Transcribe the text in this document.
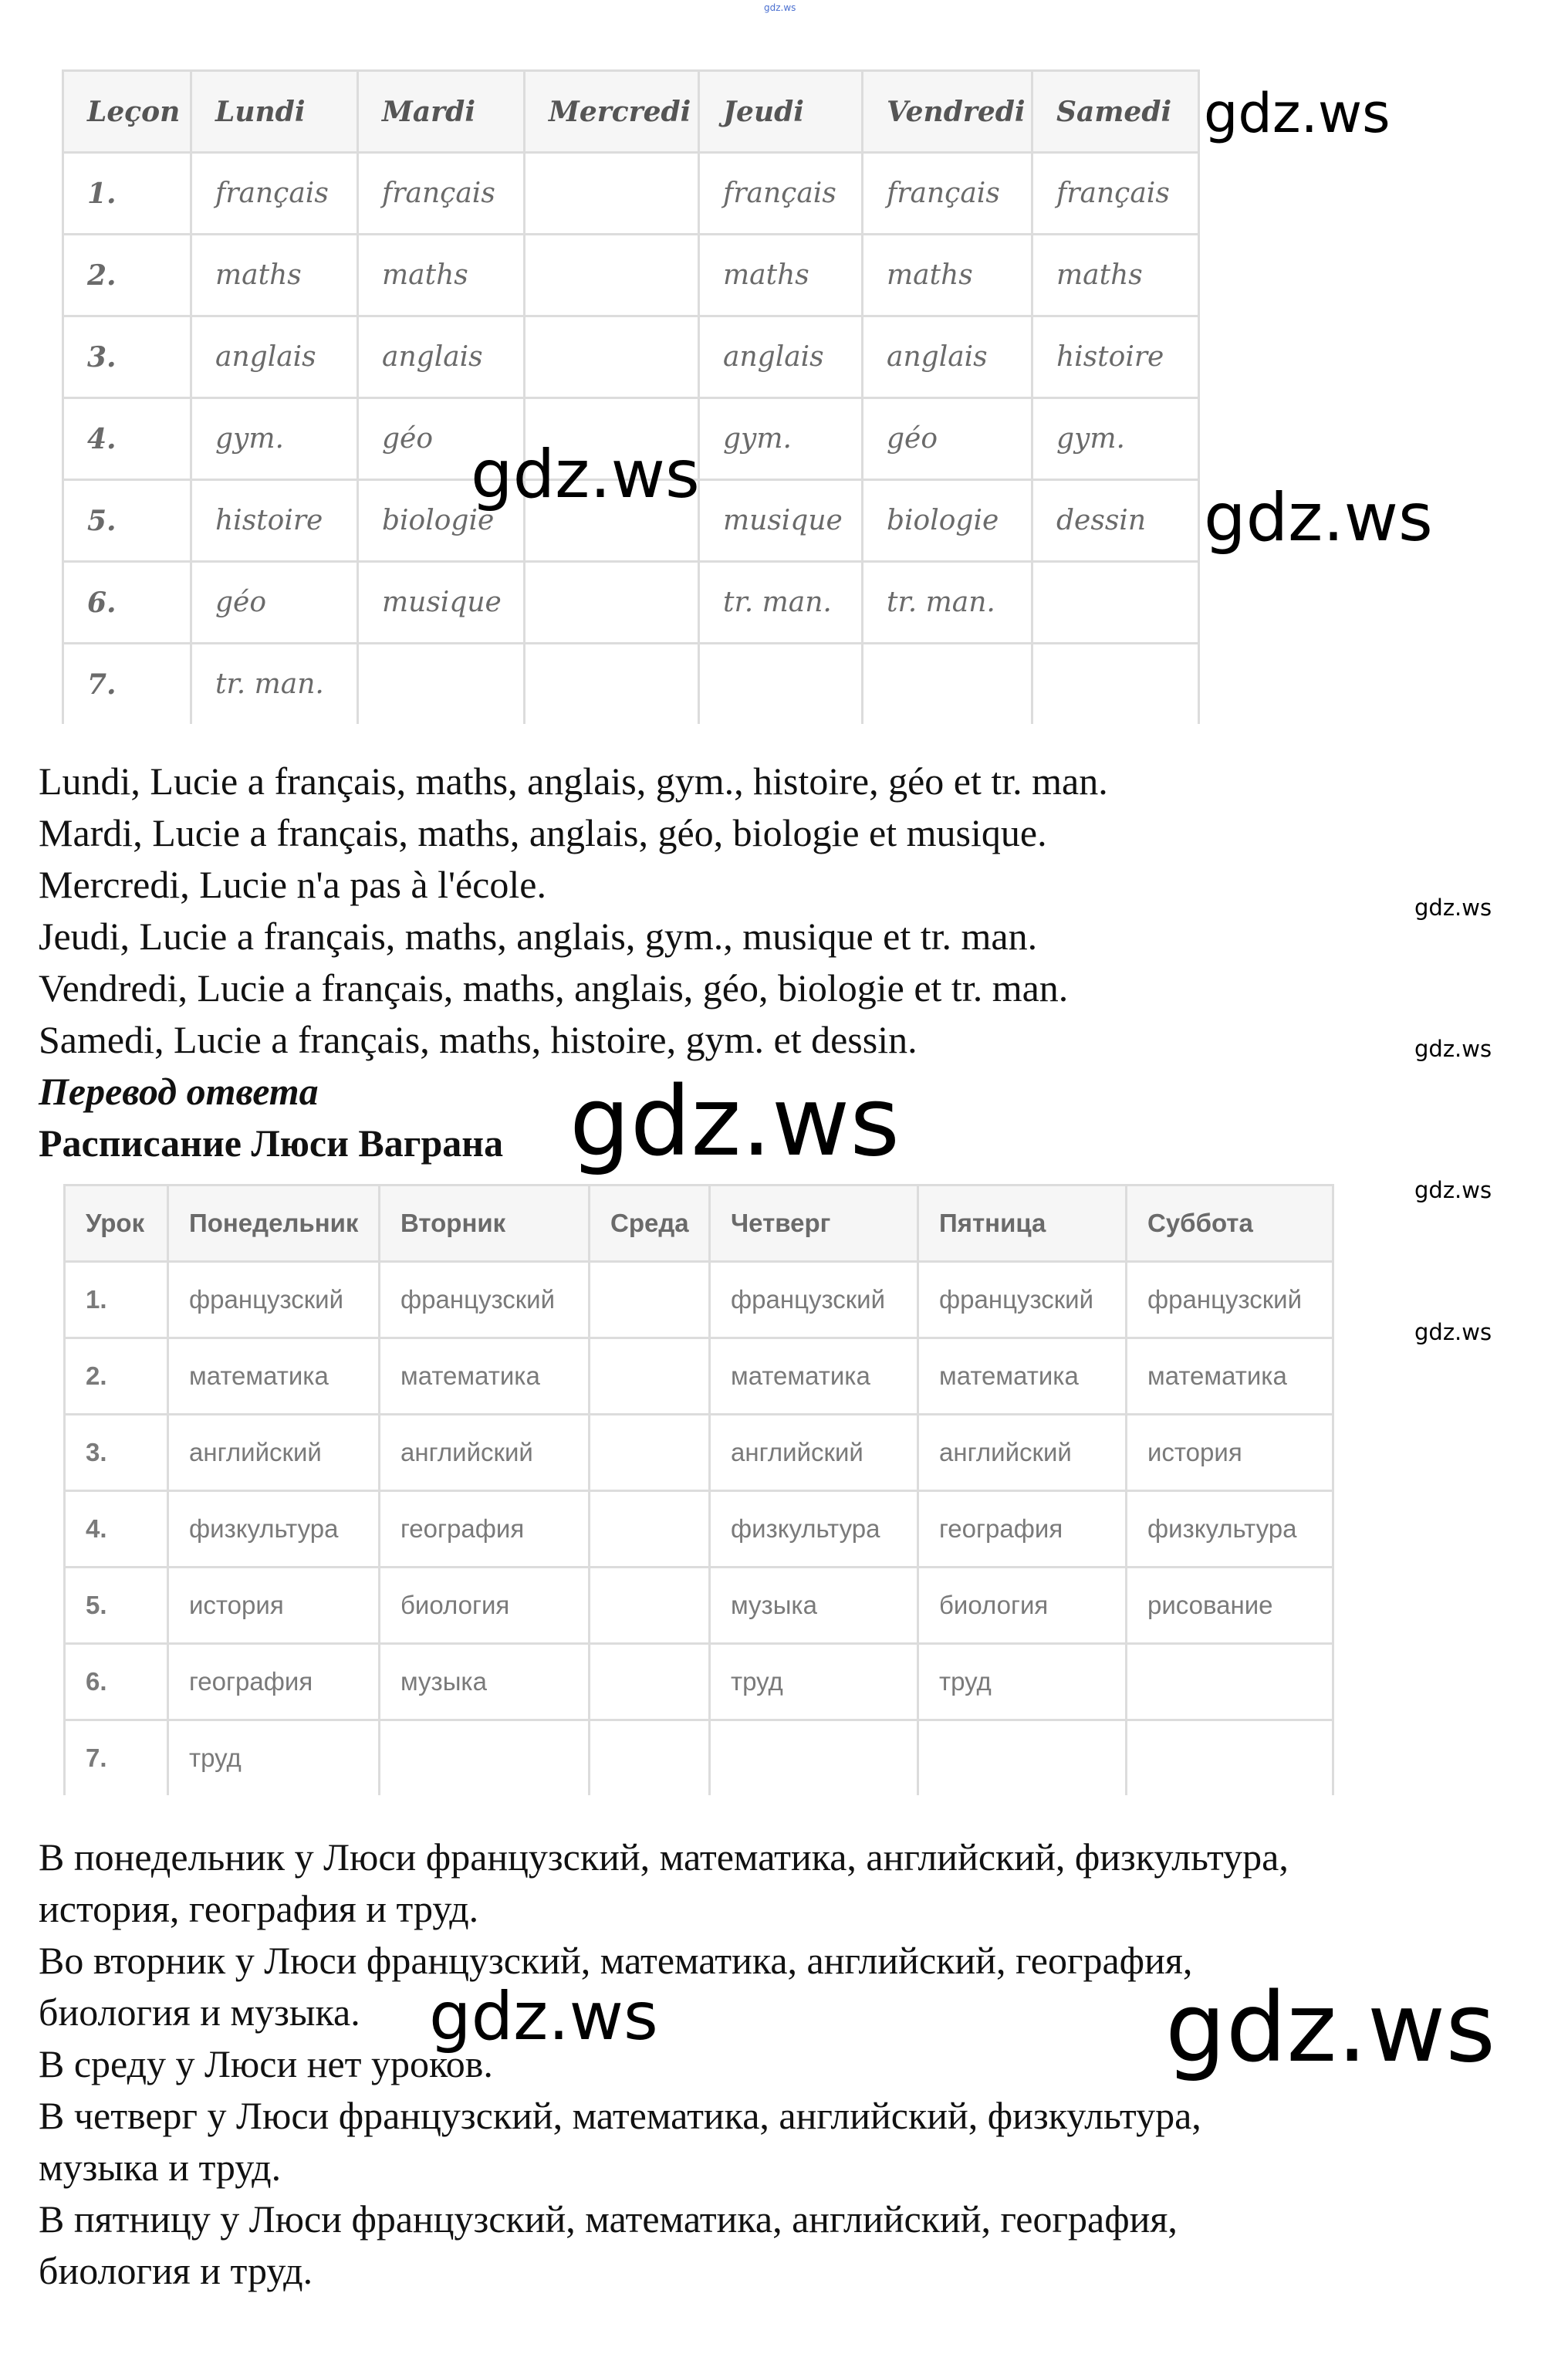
gdz.ws
Leçon	Lundi	Mardi	Mercredi	Jeudi	Vendredi	Samedi
1.	français	français		français	français	français
2.	maths	maths		maths	maths	maths
3.	anglais	anglais		anglais	anglais	histoire
4.	gym.	géo		gym.	géo	gym.
5.	histoire	biologie		musique	biologie	dessin
6.	géo	musique		tr. man.	tr. man.	
7.	tr. man.					
Lundi, Lucie a français, maths, anglais, gym., histoire, géo et tr. man.
Mardi, Lucie a français, maths, anglais, géo, biologie et musique.
Mercredi, Lucie n'a pas à l'école.
Jeudi, Lucie a français, maths, anglais, gym., musique et tr. man.
Vendredi, Lucie a français, maths, anglais, géo, biologie et tr. man.
Samedi, Lucie a français, maths, histoire, gym. et dessin.
Перевод ответа
Расписание Люси Ваграна
Урок	Понедельник	Вторник	Среда	Четверг	Пятница	Суббота
1.	французский	французский		французский	французский	французский
2.	математика	математика		математика	математика	математика
3.	английский	английский		английский	английский	история
4.	физкультура	география		физкультура	география	физкультура
5.	история	биология		музыка	биология	рисование
6.	география	музыка		труд	труд	
7.	труд					
В понедельник у Люси французский, математика, английский, физкультура,
история, география и труд.
Во вторник у Люси французский, математика, английский, география,
биология и музыка.
В среду у Люси нет уроков.
В четверг у Люси французский, математика, английский, физкультура,
музыка и труд.
В пятницу у Люси французский, математика, английский, география,
биология и труд.
gdz.ws
gdz.ws
gdz.ws
gdz.ws
gdz.ws
gdz.ws
gdz.ws
gdz.ws
gdz.ws	gdz.ws
